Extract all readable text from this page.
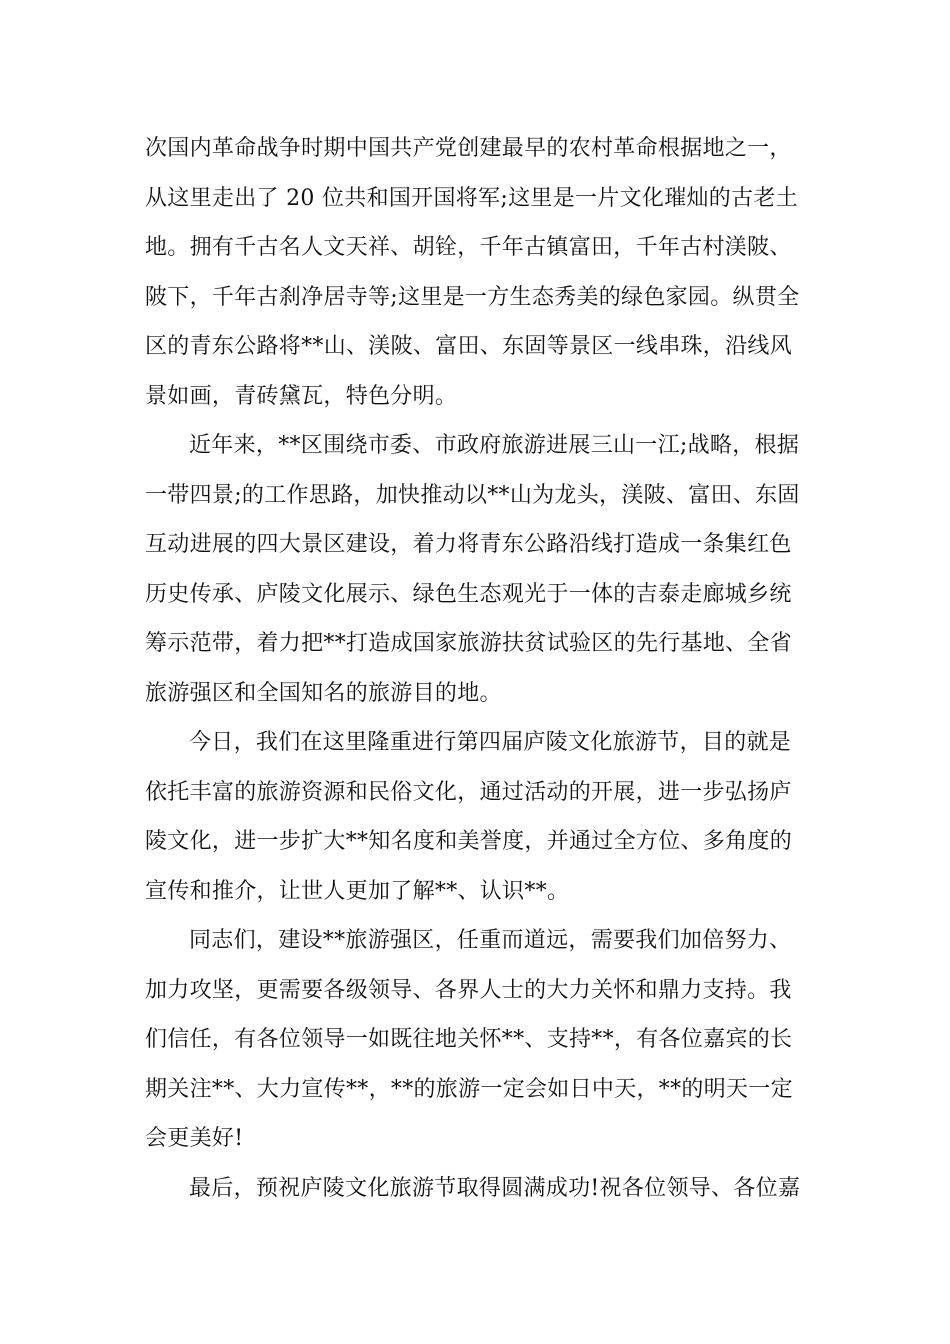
次国内革命战争时期中国共产党创建最早的农村革命根据地之一，
从这里走出了 20 位共和国开国将军;这里是一片文化璀灿的古老土
地。拥有千古名人文天祥、胡铨，千年古镇富田，千年古村渼陂、
陂下，千年古刹净居寺等;这里是一方生态秀美的绿色家园。纵贯全
区的青东公路将**山、渼陂、富田、东固等景区一线串珠，沿线风
景如画，青砖黛瓦，特色分明。
近年来，**区围绕市委、市政府旅游进展三山一江;战略，根据
一带四景;的工作思路，加快推动以**山为龙头，渼陂、富田、东固
互动进展的四大景区建设，着力将青东公路沿线打造成一条集红色
历史传承、庐陵文化展示、绿色生态观光于一体的吉泰走廊城乡统
筹示范带，着力把**打造成国家旅游扶贫试验区的先行基地、全省
旅游强区和全国知名的旅游目的地。
今日，我们在这里隆重进行第四届庐陵文化旅游节，目的就是
依托丰富的旅游资源和民俗文化，通过活动的开展，进一步弘扬庐
陵文化，进一步扩大**知名度和美誉度，并通过全方位、多角度的
宣传和推介，让世人更加了解**、认识**。
同志们，建设**旅游强区，任重而道远，需要我们加倍努力、
加力攻坚，更需要各级领导、各界人士的大力关怀和鼎力支持。我
们信任，有各位领导一如既往地关怀**、支持**，有各位嘉宾的长
期关注**、大力宣传**，**的旅游一定会如日中天，**的明天一定
会更美好!
最后，预祝庐陵文化旅游节取得圆满成功!祝各位领导、各位嘉
